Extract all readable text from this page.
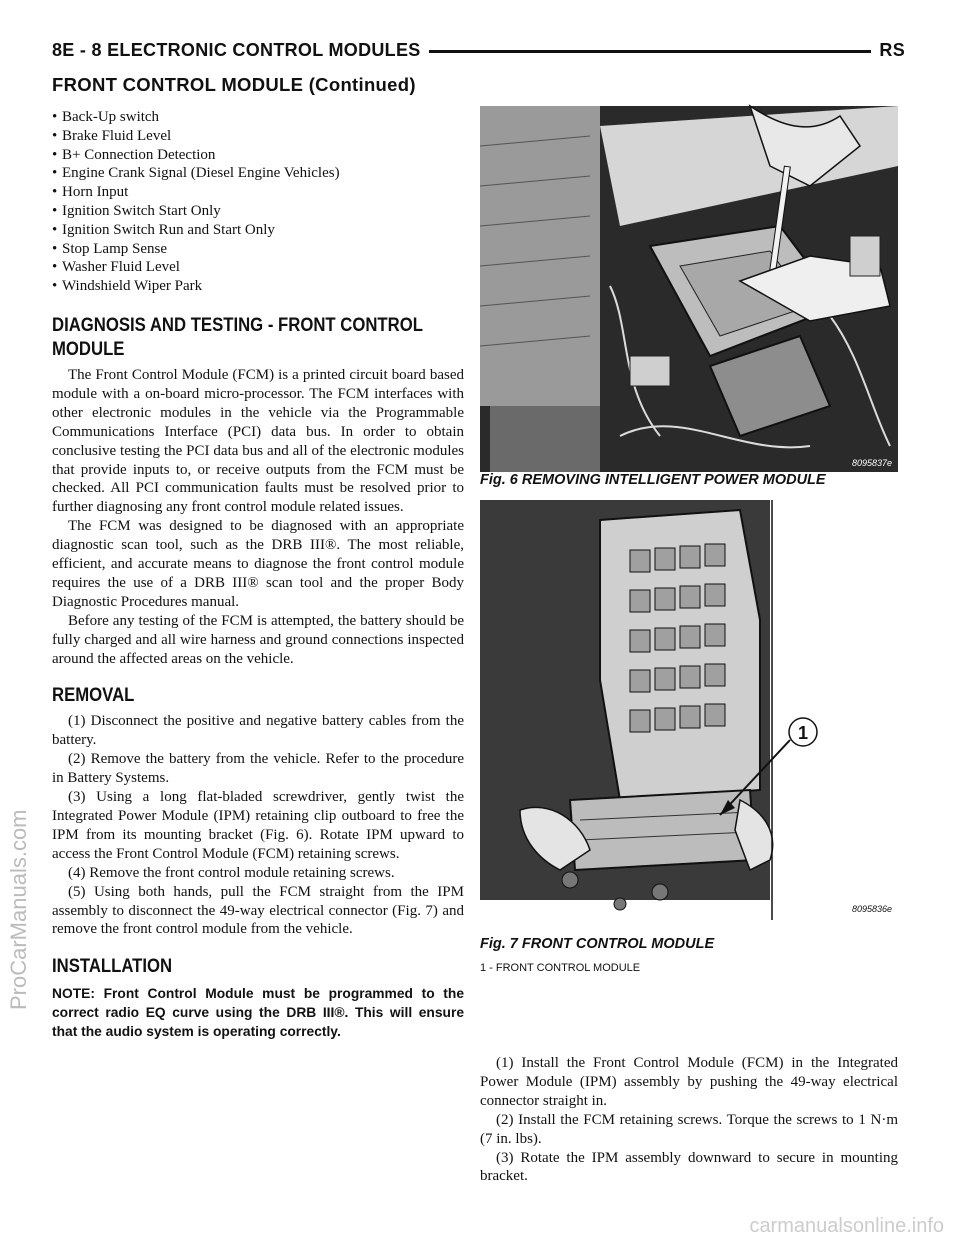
8E - 8 ELECTRONIC CONTROL MODULES	RS
FRONT CONTROL MODULE (Continued)
• Back-Up switch
• Brake Fluid Level
• B+ Connection Detection
• Engine Crank Signal (Diesel Engine Vehicles)
• Horn Input
• Ignition Switch Start Only
• Ignition Switch Run and Start Only
• Stop Lamp Sense
• Washer Fluid Level
• Windshield Wiper Park
DIAGNOSIS AND TESTING - FRONT CONTROL
MODULE

The Front Control Module (FCM) is a printed circuit board based module with a on-board micro-processor. The FCM interfaces with other electronic modules in the vehicle via the Programmable Communications Interface (PCI) data bus. In order to obtain conclusive testing the PCI data bus and all of the electronic modules that provide inputs to, or receive outputs from the FCM must be checked. All PCI communication faults must be resolved prior to further diagnosing any front control module related issues.

The FCM was designed to be diagnosed with an appropriate diagnostic scan tool, such as the DRB III®. The most reliable, efficient, and accurate means to diagnose the front control module requires the use of a DRB III® scan tool and the proper Body Diagnostic Procedures manual.

Before any testing of the FCM is attempted, the battery should be fully charged and all wire harness and ground connections inspected around the affected areas on the vehicle.

REMOVAL

(1) Disconnect the positive and negative battery cables from the battery.

(2) Remove the battery from the vehicle. Refer to the procedure in Battery Systems.

(3) Using a long flat-bladed screwdriver, gently twist the Integrated Power Module (IPM) retaining clip outboard to free the IPM from its mounting bracket (Fig. 6). Rotate IPM upward to access the Front Control Module (FCM) retaining screws.

(4) Remove the front control module retaining screws.

(5) Using both hands, pull the FCM straight from the IPM assembly to disconnect the 49-way electrical connector (Fig. 7) and remove the front control module from the vehicle.

INSTALLATION

NOTE: Front Control Module must be programmed to the correct radio EQ curve using the DRB III®. This will ensure that the audio system is operating correctly.

8095837e
Fig. 6 REMOVING INTELLIGENT POWER MODULE
1
8095836e
Fig. 7 FRONT CONTROL MODULE
1 - FRONT CONTROL MODULE

(1) Install the Front Control Module (FCM) in the Integrated Power Module (IPM) assembly by pushing the 49-way electrical connector straight in.

(2) Install the FCM retaining screws. Torque the screws to 1 N·m (7 in. lbs).

(3) Rotate the IPM assembly downward to secure in mounting bracket.

ProCarManuals.com
carmanualsonline.info
